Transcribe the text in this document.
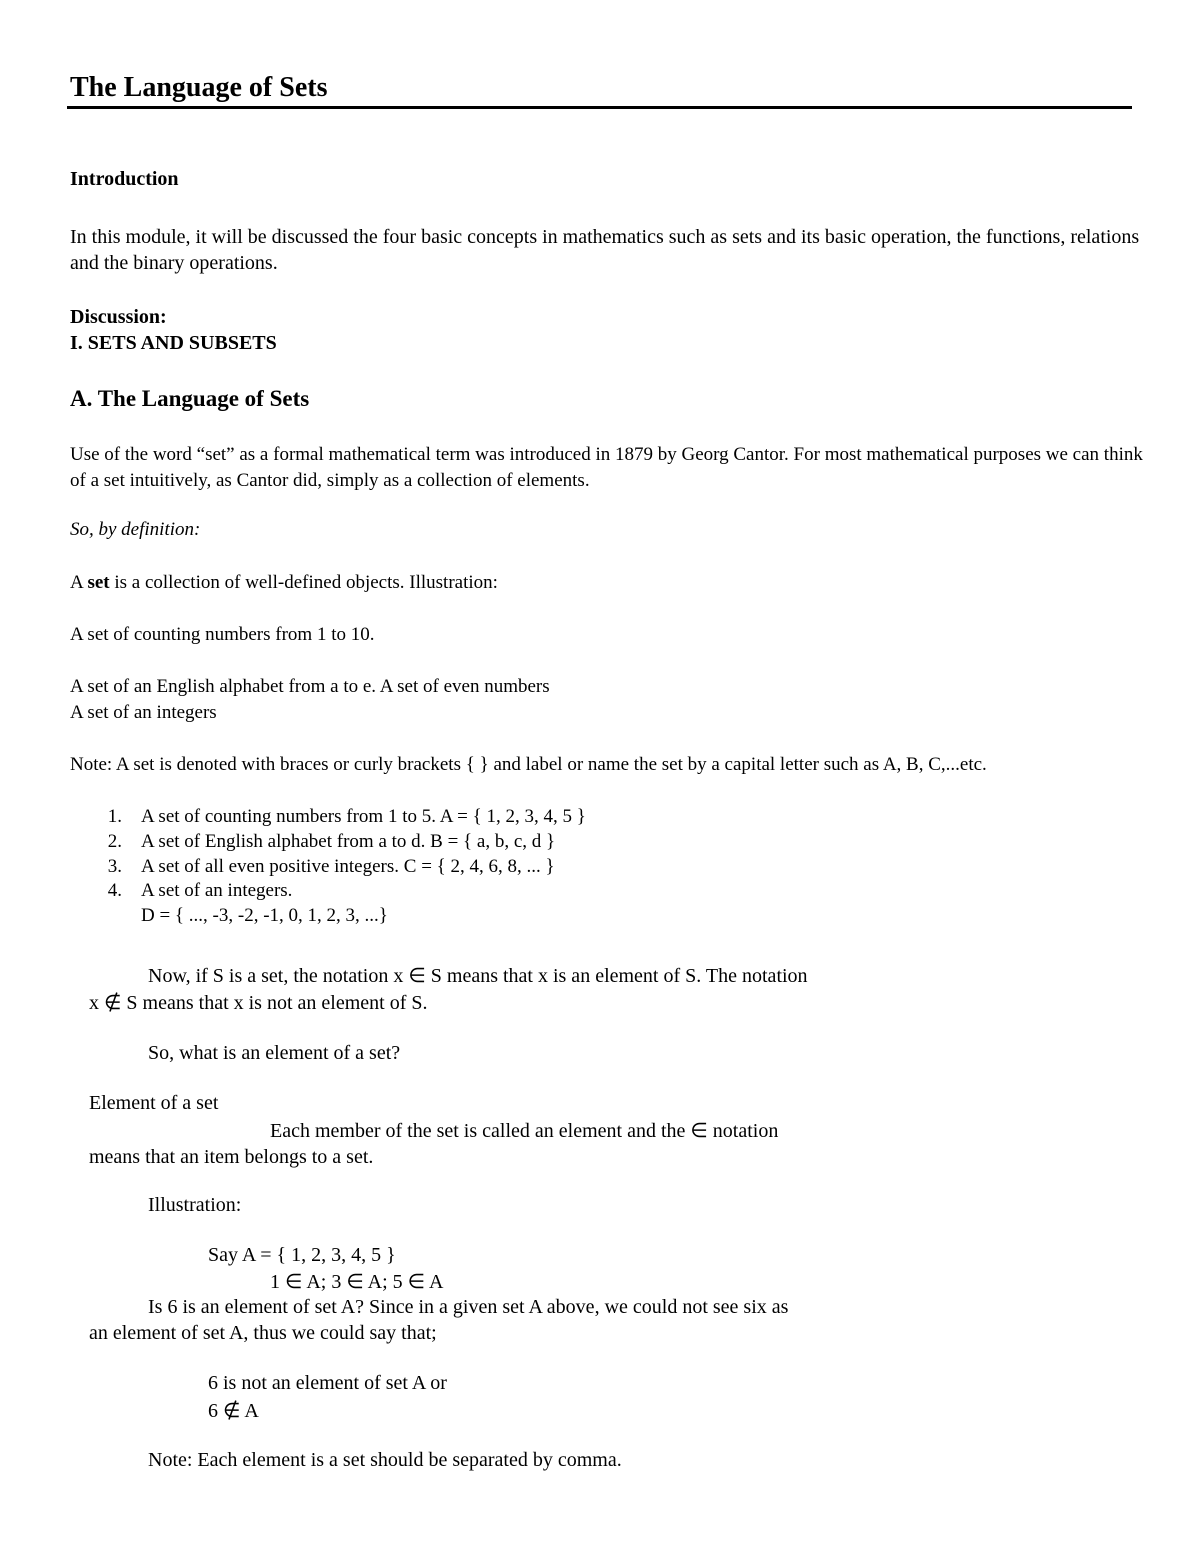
The Language of Sets
Introduction
In this module, it will be discussed the four basic concepts in mathematics such as sets and its basic operation, the functions, relations and the binary operations.
Discussion:
I. SETS AND SUBSETS
A. The Language of Sets
Use of the word “set” as a formal mathematical term was introduced in 1879 by Georg Cantor. For most mathematical purposes we can think of a set intuitively, as Cantor did, simply as a collection of elements.
So, by definition:
A set is a collection of well-defined objects. Illustration:
A set of counting numbers from 1 to 10.
A set of an English alphabet from a to e. A set of even numbers
A set of an integers
Note: A set is denoted with braces or curly brackets { } and label or name the set by a capital letter such as A, B, C,...etc.
1. A set of counting numbers from 1 to 5. A = { 1, 2, 3, 4, 5 }
2. A set of English alphabet from a to d. B = { a, b, c, d }
3. A set of all even positive integers. C = { 2, 4, 6, 8, ... }
4. A set of an integers.
D = { ..., -3, -2, -1, 0, 1, 2, 3, ...}
Now, if S is a set, the notation x ∈ S means that x is an element of S. The notation
x ∉ S means that x is not an element of S.
So, what is an element of a set?
Element of a set
Each member of the set is called an element and the ∈ notation
means that an item belongs to a set.
Illustration:
Say A = { 1, 2, 3, 4, 5 }
1 ∈ A; 3 ∈ A; 5 ∈ A
Is 6 is an element of set A? Since in a given set A above, we could not see six as
an element of set A, thus we could say that;
6 is not an element of set A or
6 ∉ A
Note: Each element is a set should be separated by comma.
